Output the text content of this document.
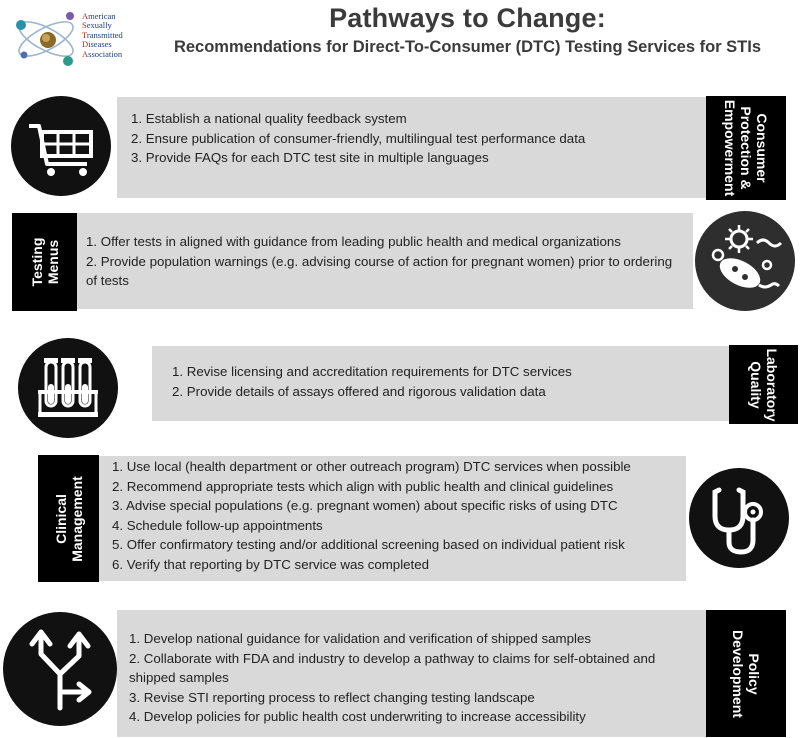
American
Sexually
Transmitted
Diseases
Association
Pathways to Change:
Recommendations for Direct-To-Consumer (DTC) Testing Services for STIs
1. Establish a national quality feedback system
2. Ensure publication of consumer-friendly, multilingual test performance data
3. Provide FAQs for each DTC test site in multiple languages	Consumer
Protection &
Empowerment
1. Offer tests in aligned with guidance from leading public health and medical organizations
2. Provide population warnings (e.g. advising course of action for pregnant women) prior to ordering of tests
Testing Menus
1. Revise licensing and accreditation requirements for DTC services
2. Provide details of assays offered and rigorous validation data	Laboratory
Quality
1. Use local (health department or other outreach program) DTC services when possible
2. Recommend appropriate tests which align with public health and clinical guidelines
3. Advise special populations (e.g. pregnant women) about specific risks of using DTC
4. Schedule follow-up appointments
5. Offer confirmatory testing and/or additional screening based on individual patient risk
6. Verify that reporting by DTC service was completed
Clinical Management
1. Develop national guidance for validation and verification of shipped samples
2. Collaborate with FDA and industry to develop a pathway to claims for self-obtained and shipped samples
3. Revise STI reporting process to reflect changing testing landscape
4. Develop policies for public health cost underwriting to increase accessibility
Policy
Development
